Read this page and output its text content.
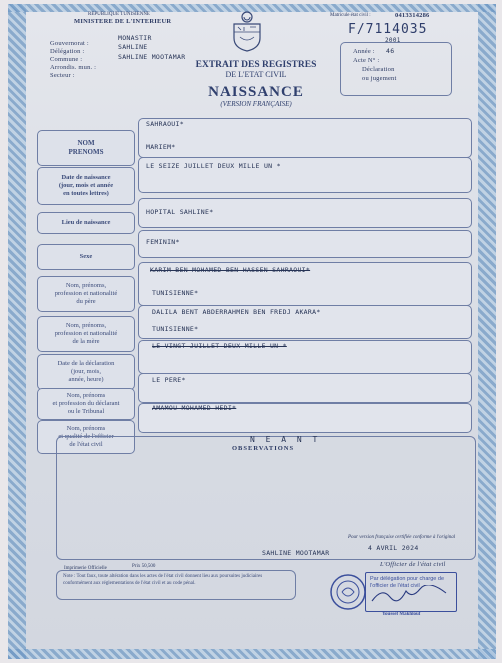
REPUBLIQUE TUNISIENNE
MINISTERE DE L'INTERIEUR
Gouvernorat :
MONASTIR
Délégation :
SAHLINE
Commune :	SAHLINE MOOTAMAR
Arrondis. mun. :
Secteur :
Matricule état civil :	0413314286
F/7114035
2001
Année : 46
Acte N° :
Déclaration
ou jugement
EXTRAIT DES REGISTRES
DE L'ETAT CIVIL
NAISSANCE
(VERSION FRANÇAISE)
NOM
PRENOMS
SAHRAOUI*
MARIEM*
Date de naissance
(jour, mois et année
en toutes lettres)
LE SEIZE JUILLET DEUX MILLE UN *
Lieu de naissance
HOPITAL SAHLINE*
Sexe
FEMININ*
Nom, prénoms,
profession et nationalité
du père
KARIM BEN MOHAMED BEN HASSEN SAHRAOUI*
TUNISIENNE*
Nom, prénoms,
profession et nationalité
de la mère
DALILA BENT ABDERRAHMEN BEN FREDJ AKARA*
TUNISIENNE*
Date de la déclaration
(jour, mois,
année, heure)
LE VINGT JUILLET DEUX MILLE UN *
Nom, prénoms
et profession du déclarant
ou le Tribunal
LE PERE*
Nom, prénoms
et qualité de l'officier
de l'état civil
AMAMOU MOHAMED HEDI*
N E A N T
OBSERVATIONS
Pour version française certifiée conforme à l'original
SAHLINE MOOTAMAR
4 AVRIL 2024
Imprimerie Officielle	Prix 50,500
Note : Tout faux, toute altération dans les actes de l'état civil donnent lieu aux poursuites judiciaires conformément aux réglementations de l'état civil et au code pénal.
L'Officier de l'état civil
Par délégation pour charge de l'officier de l'état civil
Youssef Makhlouf
